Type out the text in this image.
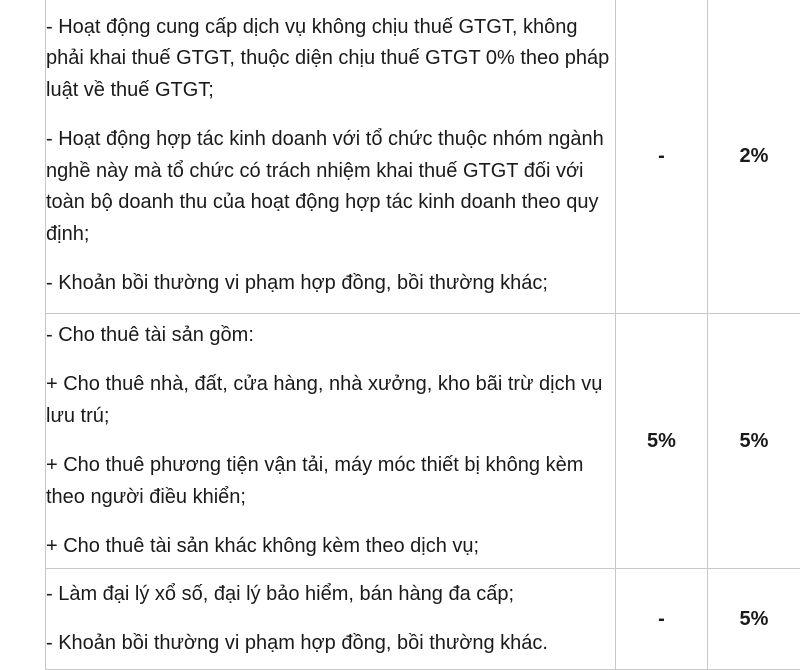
- Hoạt động cung cấp dịch vụ không chịu thuế GTGT, không phải khai thuế GTGT, thuộc diện chịu thuế GTGT 0% theo pháp luật về thuế GTGT;

- Hoạt động hợp tác kinh doanh với tổ chức thuộc nhóm ngành nghề này mà tổ chức có trách nhiệm khai thuế GTGT đối với toàn bộ doanh thu của hoạt động hợp tác kinh doanh theo quy định;

- Khoản bồi thường vi phạm hợp đồng, bồi thường khác;	-	2%

- Cho thuê tài sản gồm:

+ Cho thuê nhà, đất, cửa hàng, nhà xưởng, kho bãi trừ dịch vụ lưu trú;

+ Cho thuê phương tiện vận tải, máy móc thiết bị không kèm theo người điều khiển;

+ Cho thuê tài sản khác không kèm theo dịch vụ;	5%	5%

- Làm đại lý xổ số, đại lý bảo hiểm, bán hàng đa cấp;

- Khoản bồi thường vi phạm hợp đồng, bồi thường khác.	-	5%
